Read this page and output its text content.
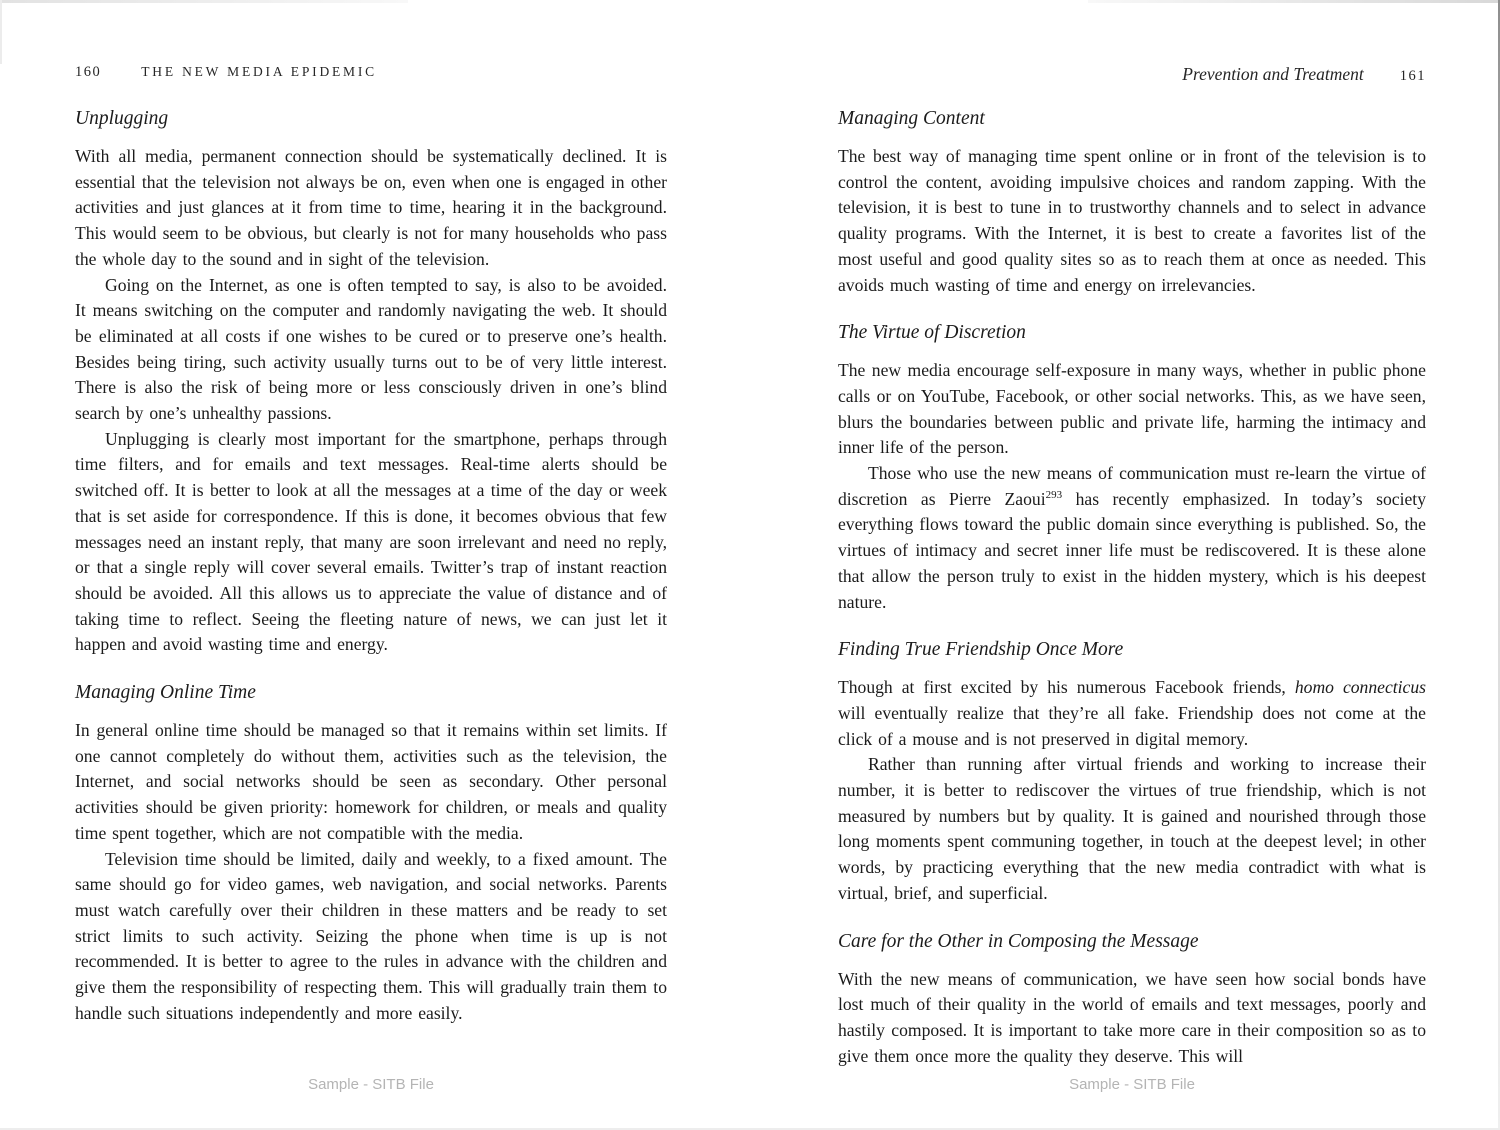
160	THE NEW MEDIA EPIDEMIC
Unplugging

With all media, permanent connection should be systematically declined. It is essential that the television not always be on, even when one is engaged in other activities and just glances at it from time to time, hearing it in the background. This would seem to be obvious, but clearly is not for many households who pass the whole day to the sound and in sight of the television.

Going on the Internet, as one is often tempted to say, is also to be avoided. It means switching on the computer and randomly navigating the web. It should be eliminated at all costs if one wishes to be cured or to preserve one’s health. Besides being tiring, such activity usually turns out to be of very little interest. There is also the risk of being more or less consciously driven in one’s blind search by one’s unhealthy passions.

Unplugging is clearly most important for the smartphone, perhaps through time filters, and for emails and text messages. Real-time alerts should be switched off. It is better to look at all the messages at a time of the day or week that is set aside for correspondence. If this is done, it becomes obvious that few messages need an instant reply, that many are soon irrelevant and need no reply, or that a single reply will cover several emails. Twitter’s trap of instant reaction should be avoided. All this allows us to appreciate the value of distance and of taking time to reflect. Seeing the fleeting nature of news, we can just let it happen and avoid wasting time and energy.

Managing Online Time

In general online time should be managed so that it remains within set limits. If one cannot completely do without them, activities such as the television, the Internet, and social networks should be seen as secondary. Other personal activities should be given priority: homework for children, or meals and quality time spent together, which are not compatible with the media.

Television time should be limited, daily and weekly, to a fixed amount. The same should go for video games, web navigation, and social networks. Parents must watch carefully over their children in these matters and be ready to set strict limits to such activity. Seizing the phone when time is up is not recommended. It is better to agree to the rules in advance with the children and give them the responsibility of respecting them. This will gradually train them to handle such situations independently and more easily.

Prevention and Treatment 161
Managing Content

The best way of managing time spent online or in front of the television is to control the content, avoiding impulsive choices and random zapping. With the television, it is best to tune in to trustworthy channels and to select in advance quality programs. With the Internet, it is best to create a favorites list of the most useful and good quality sites so as to reach them at once as needed. This avoids much wasting of time and energy on irrelevancies.

The Virtue of Discretion

The new media encourage self-exposure in many ways, whether in public phone calls or on YouTube, Facebook, or other social networks. This, as we have seen, blurs the boundaries between public and private life, harming the intimacy and inner life of the person.

Those who use the new means of communication must re-learn the virtue of discretion as Pierre Zaoui$^{293}$ has recently emphasized. In today’s society everything flows toward the public domain since everything is published. So, the virtues of intimacy and secret inner life must be rediscovered. It is these alone that allow the person truly to exist in the hidden mystery, which is his deepest nature.

Finding True Friendship Once More

Though at first excited by his numerous Facebook friends, homo connecticus will eventually realize that they’re all fake. Friendship does not come at the click of a mouse and is not preserved in digital memory.

Rather than running after virtual friends and working to increase their number, it is better to rediscover the virtues of true friendship, which is not measured by numbers but by quality. It is gained and nourished through those long moments spent communing together, in touch at the deepest level; in other words, by practicing everything that the new media contradict with what is virtual, brief, and superficial.

Care for the Other in Composing the Message

With the new means of communication, we have seen how social bonds have lost much of their quality in the world of emails and text messages, poorly and hastily composed. It is important to take more care in their composition so as to give them once more the quality they deserve. This will

Sample - SITB File	Sample - SITB File
